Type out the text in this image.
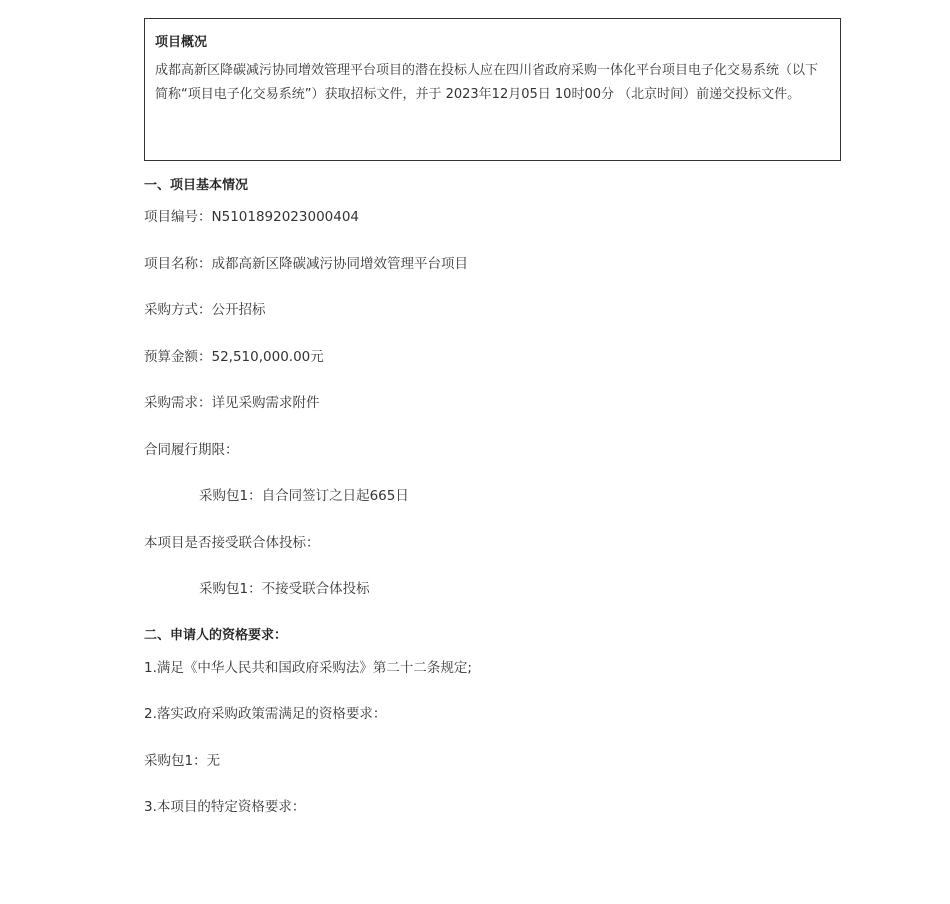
项目概况

成都高新区降碳减污协同增效管理平台项目的潜在投标人应在四川省政府采购一体化平台项目电子化交易系统（以下简称“项目电子化交易系统”）获取招标文件，并于 2023年12月05日 10时00分 （北京时间）前递交投标文件。

一、项目基本情况

项目编号：N5101892023000404

项目名称：成都高新区降碳减污协同增效管理平台项目

采购方式：公开招标

预算金额：52,510,000.00元

采购需求：详见采购需求附件

合同履行期限：

采购包1：自合同签订之日起665日

本项目是否接受联合体投标：

采购包1：不接受联合体投标

二、申请人的资格要求：

1.满足《中华人民共和国政府采购法》第二十二条规定;

2.落实政府采购政策需满足的资格要求：

采购包1：无

3.本项目的特定资格要求：
